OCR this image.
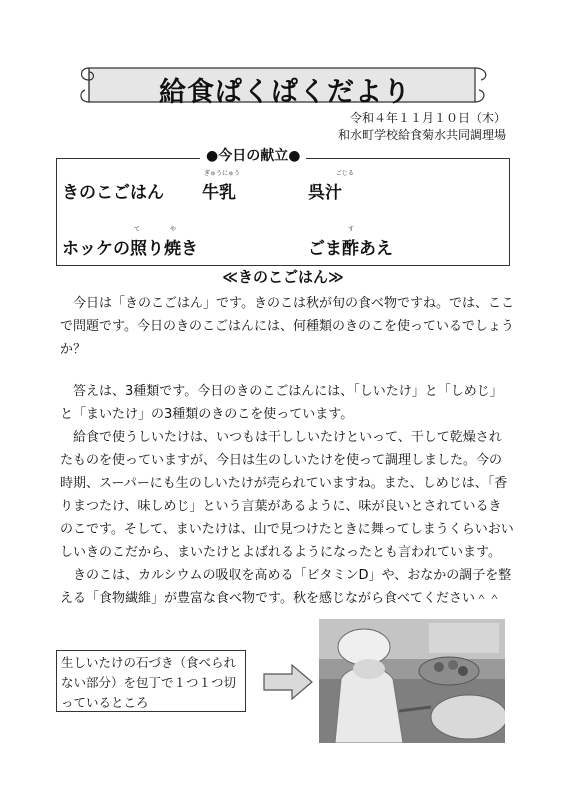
給食ぱくぱくだより
令和４年１１月１０日（木）
和水町学校給食菊水共同調理場
●今日の献立●
きのこごはん
ぎゅうにゅう
牛乳
ごじる
呉汁
て	や
ホッケの照り焼き
す
ごま酢あえ
≪きのこごはん≫
今日は「きのこごはん」です。きのこは秋が旬の食べ物ですね。では、ここで問題です。今日のきのこごはんには、何種類のきのこを使っているでしょうか？
答えは、3種類です。今日のきのこごはんには、「しいたけ」と「しめじ」と「まいたけ」の3種類のきのこを使っています。
給食で使うしいたけは、いつもは干ししいたけといって、干して乾燥されたものを使っていますが、今日は生のしいたけを使って調理しました。今の時期、スーパーにも生のしいたけが売られていますね。また、しめじは、「香りまつたけ、味しめじ」という言葉があるように、味が良いとされているきのこです。そして、まいたけは、山で見つけたときに舞ってしまうくらいおいしいきのこだから、まいたけとよばれるようになったとも言われています。
きのこは、カルシウムの吸収を高める「ビタミンD」や、おなかの調子を整える「食物繊維」が豊富な食べ物です。秋を感じながら食べてください＾＾
生しいたけの石づき（食べられない部分）を包丁で１つ１つ切っているところ
